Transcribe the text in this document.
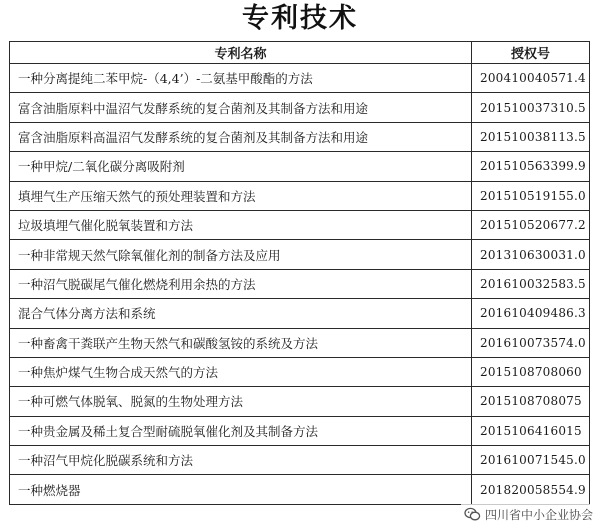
专利技术
专利名称	授权号
一种分离提纯二苯甲烷-（4,4’）-二氨基甲酸酯的方法	200410040571.4
富含油脂原料中温沼气发酵系统的复合菌剂及其制备方法和用途	201510037310.5
富含油脂原料高温沼气发酵系统的复合菌剂及其制备方法和用途	201510038113.5
一种甲烷/二氧化碳分离吸附剂	201510563399.9
填埋气生产压缩天然气的预处理装置和方法	201510519155.0
垃圾填埋气催化脱氧装置和方法	201510520677.2
一种非常规天然气除氧催化剂的制备方法及应用	201310630031.0
一种沼气脱碳尾气催化燃烧利用余热的方法	201610032583.5
混合气体分离方法和系统	201610409486.3
一种畜禽干粪联产生物天然气和碳酸氢铵的系统及方法	201610073574.0
一种焦炉煤气生物合成天然气的方法	2015108708060
一种可燃气体脱氧、脱氮的生物处理方法	2015108708075
一种贵金属及稀土复合型耐硫脱氧催化剂及其制备方法	2015106416015
一种沼气甲烷化脱碳系统和方法	201610071545.0
一种燃烧器	201820058554.9
四川省中小企业协会
